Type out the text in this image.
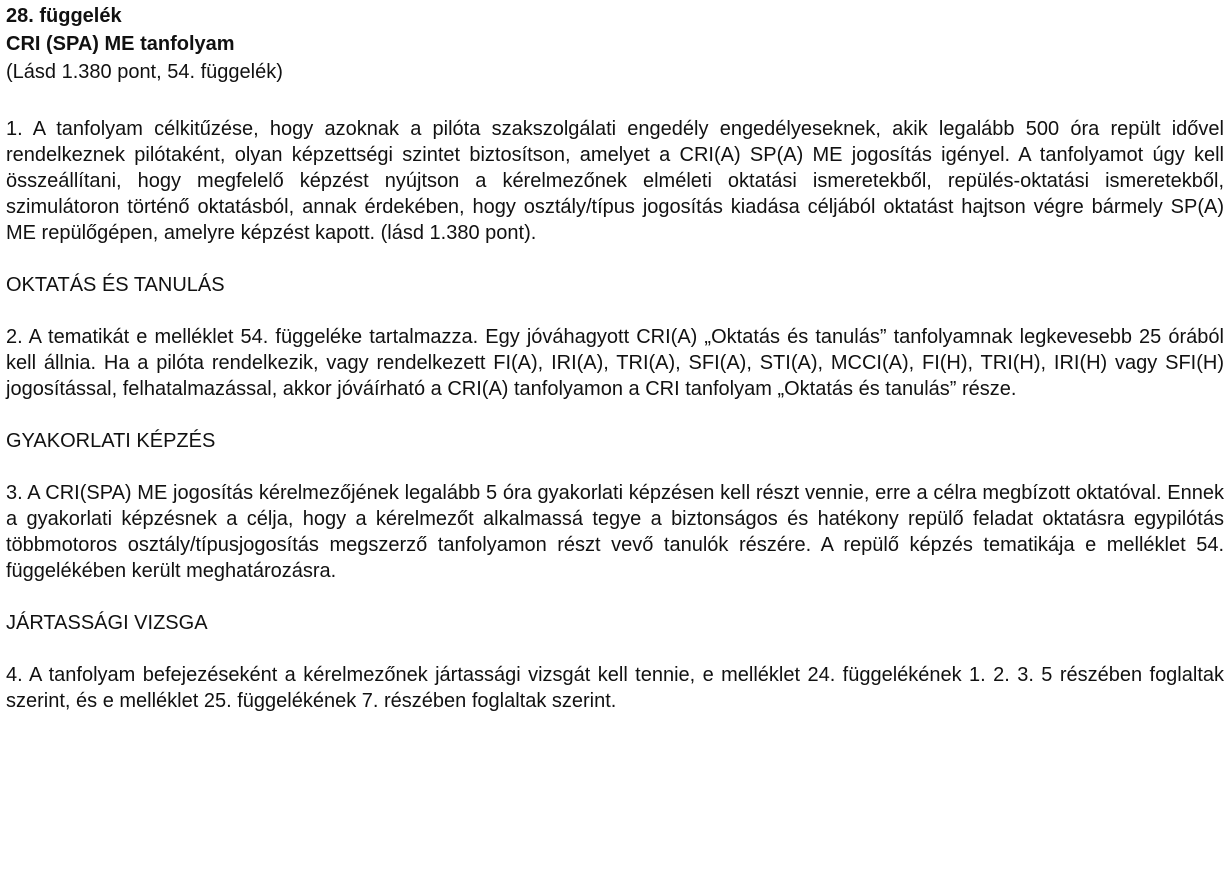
28. függelék

CRI (SPA) ME tanfolyam

(Lásd 1.380 pont, 54. függelék)

1. A tanfolyam célkitűzése, hogy azoknak a pilóta szakszolgálati engedély engedélyeseknek, akik legalább 500 óra repült idővel rendelkeznek pilótaként, olyan képzettségi szintet biztosítson, amelyet a CRI(A) SP(A) ME jogosítás igényel. A tanfolyamot úgy kell összeállítani, hogy megfelelő képzést nyújtson a kérelmezőnek elméleti oktatási ismeretekből, repülés-oktatási ismeretekből, szimulátoron történő oktatásból, annak érdekében, hogy osztály/típus jogosítás kiadása céljából oktatást hajtson végre bármely SP(A) ME repülőgépen, amelyre képzést kapott. (lásd 1.380 pont).

OKTATÁS ÉS TANULÁS

2. A tematikát e melléklet 54. függeléke tartalmazza. Egy jóváhagyott CRI(A) „Oktatás és tanulás” tanfolyamnak legkevesebb 25 órából kell állnia. Ha a pilóta rendelkezik, vagy rendelkezett FI(A), IRI(A), TRI(A), SFI(A), STI(A), MCCI(A), FI(H), TRI(H), IRI(H) vagy SFI(H) jogosítással, felhatalmazással, akkor jóváírható a CRI(A) tanfolyamon a CRI tanfolyam „Oktatás és tanulás” része.

GYAKORLATI KÉPZÉS

3. A CRI(SPA) ME jogosítás kérelmezőjének legalább 5 óra gyakorlati képzésen kell részt vennie, erre a célra megbízott oktatóval. Ennek a gyakorlati képzésnek a célja, hogy a kérelmezőt alkalmassá tegye a biztonságos és hatékony repülő feladat oktatásra egypilótás többmotoros osztály/típusjogosítás megszerző tanfolyamon részt vevő tanulók részére. A repülő képzés tematikája e melléklet 54. függelékében került meghatározásra.

JÁRTASSÁGI VIZSGA

4. A tanfolyam befejezéseként a kérelmezőnek jártassági vizsgát kell tennie, e melléklet 24. függelékének 1. 2. 3. 5 részében foglaltak szerint, és e melléklet 25. függelékének 7. részében foglaltak szerint.
